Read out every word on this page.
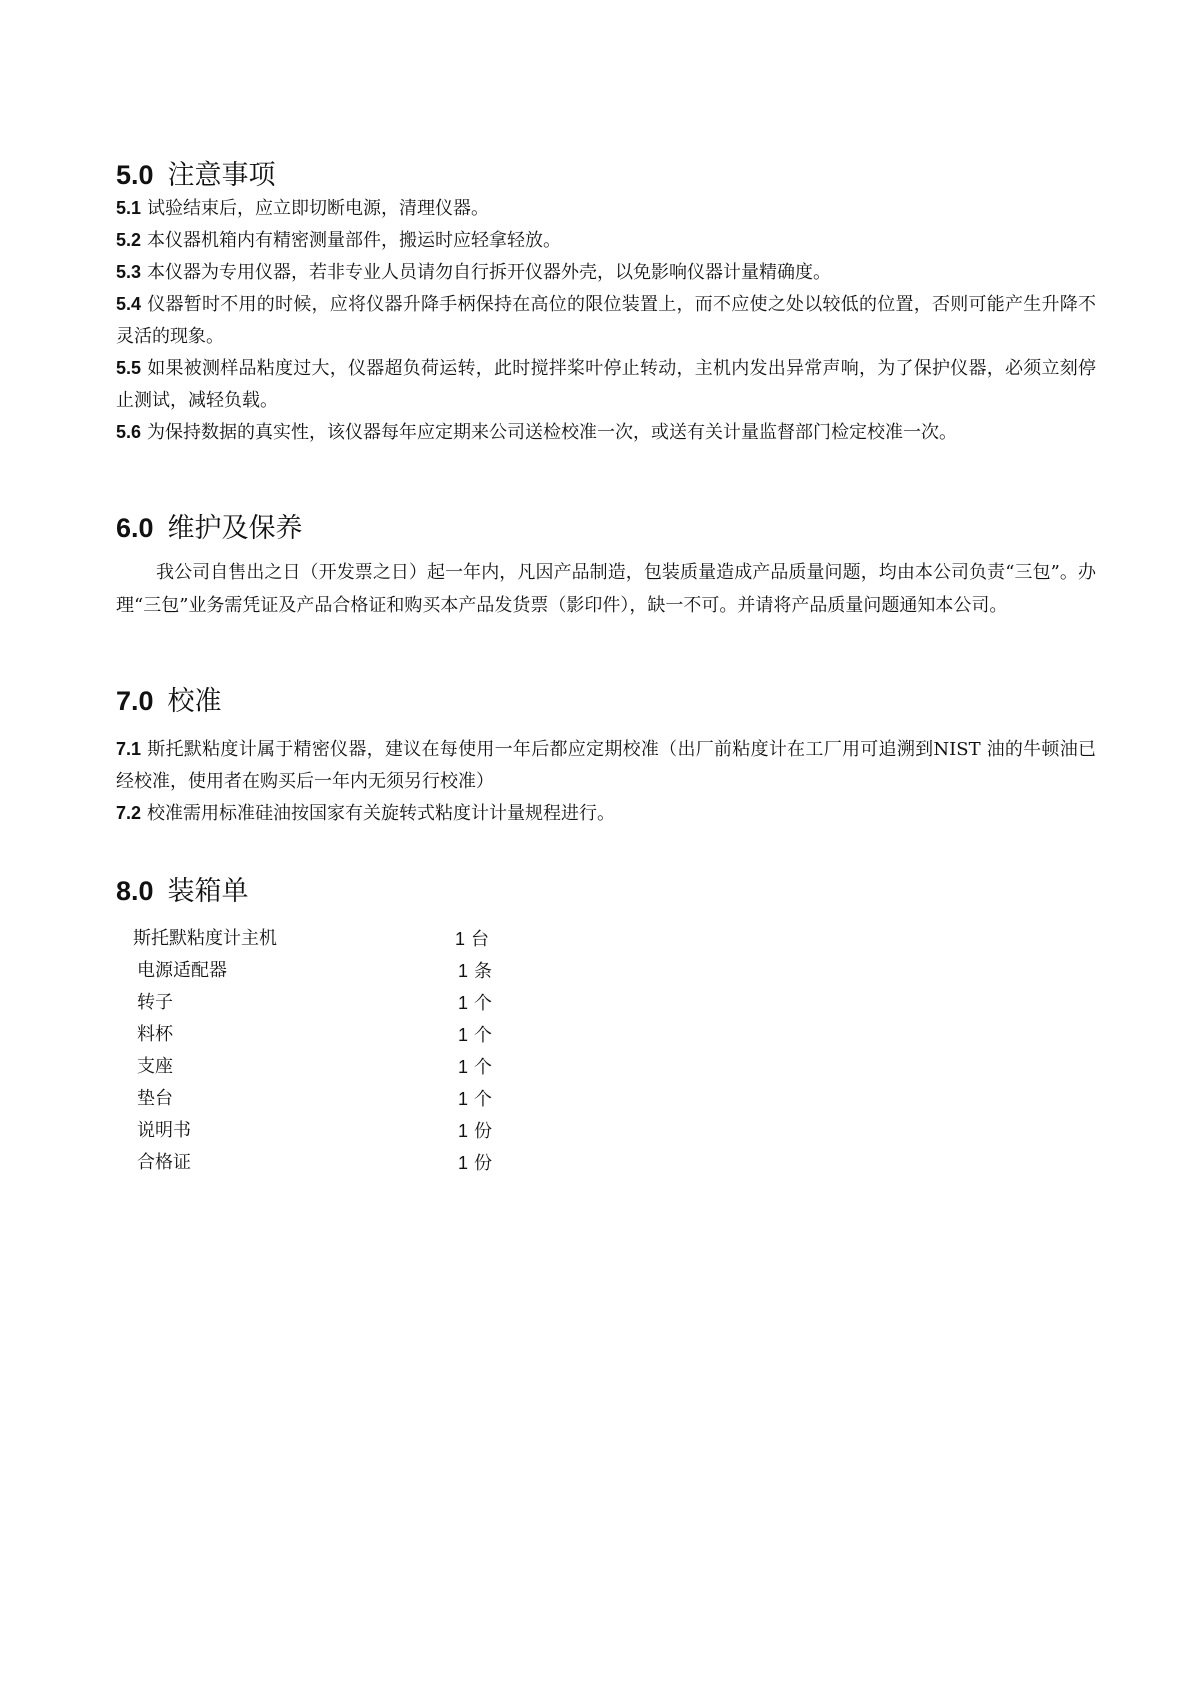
5.0 注意事项

5.1 试验结束后，应立即切断电源，清理仪器。

5.2 本仪器机箱内有精密测量部件，搬运时应轻拿轻放。

5.3 本仪器为专用仪器，若非专业人员请勿自行拆开仪器外壳，以免影响仪器计量精确度。

5.4 仪器暂时不用的时候，应将仪器升降手柄保持在高位的限位装置上，而不应使之处以较低的位置，否则可能产生升降不灵活的现象。

5.5 如果被测样品粘度过大，仪器超负荷运转，此时搅拌桨叶停止转动，主机内发出异常声响，为了保护仪器，必须立刻停止测试，减轻负载。

5.6 为保持数据的真实性，该仪器每年应定期来公司送检校准一次，或送有关计量监督部门检定校准一次。

6.0 维护及保养

我公司自售出之日（开发票之日）起一年内，凡因产品制造，包装质量造成产品质量问题，均由本公司负责“三包”。办理“三包”业务需凭证及产品合格证和购买本产品发货票（影印件），缺一不可。并请将产品质量问题通知本公司。

7.0 校准

7.1 斯托默粘度计属于精密仪器，建议在每使用一年后都应定期校准（出厂前粘度计在工厂用可追溯到NIST 油的牛顿油已经校准，使用者在购买后一年内无须另行校准）

7.2 校准需用标准硅油按国家有关旋转式粘度计计量规程进行。

8.0 装箱单
斯托默粘度计主机	1 台
电源适配器	1 条
转子	1 个
料杯	1 个
支座	1 个
垫台	1 个
说明书	1 份
合格证	1 份
